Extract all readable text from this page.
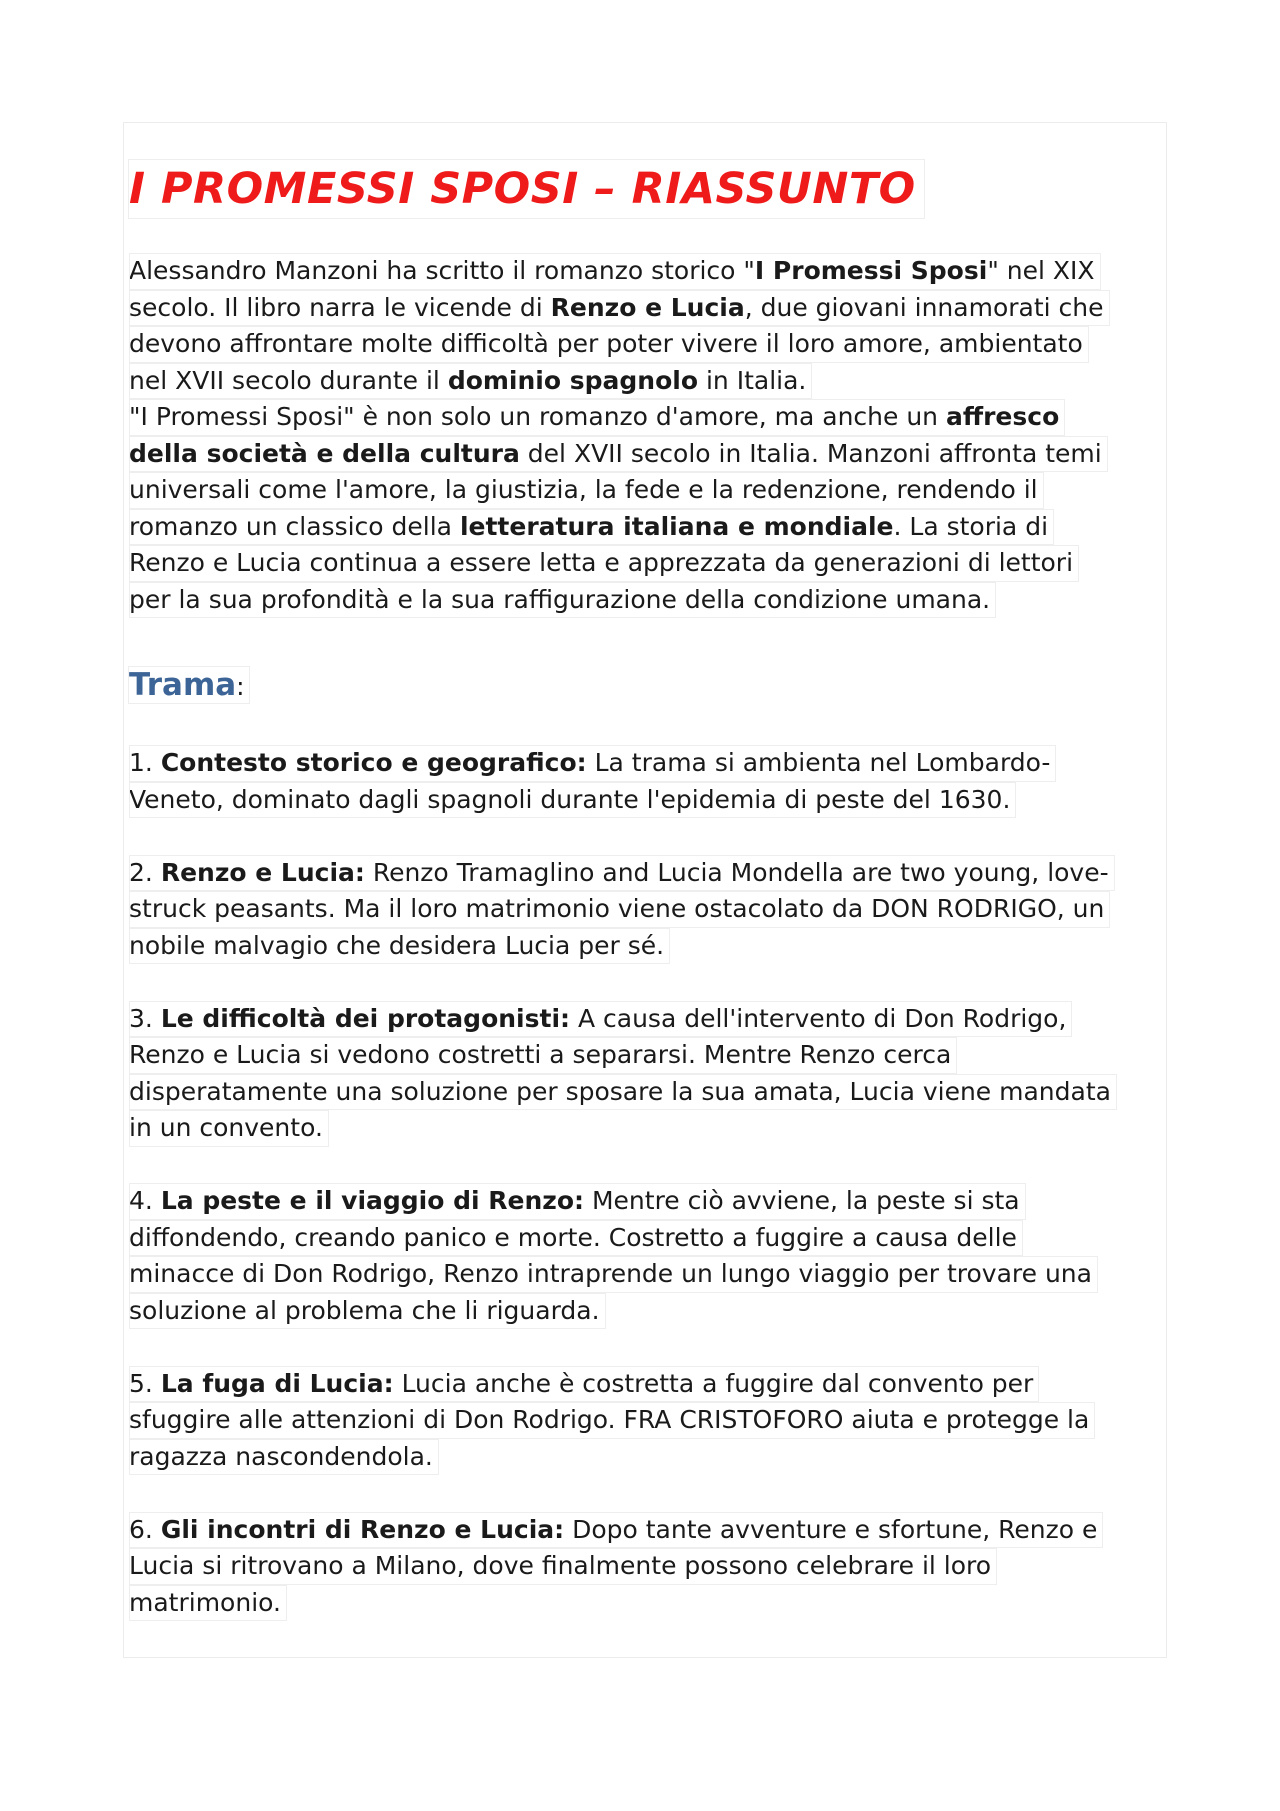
I PROMESSI SPOSI – RIASSUNTO

Alessandro Manzoni ha scritto il romanzo storico "I Promessi Sposi" nel XIX
secolo. Il libro narra le vicende di Renzo e Lucia, due giovani innamorati che
devono affrontare molte difficoltà per poter vivere il loro amore, ambientato
nel XVII secolo durante il dominio spagnolo in Italia.
"I Promessi Sposi" è non solo un romanzo d'amore, ma anche un affresco
della società e della cultura del XVII secolo in Italia. Manzoni affronta temi
universali come l'amore, la giustizia, la fede e la redenzione, rendendo il
romanzo un classico della letteratura italiana e mondiale. La storia di
Renzo e Lucia continua a essere letta e apprezzata da generazioni di lettori
per la sua profondità e la sua raffigurazione della condizione umana.

Trama:

1. Contesto storico e geografico: La trama si ambienta nel Lombardo-
Veneto, dominato dagli spagnoli durante l'epidemia di peste del 1630.

2. Renzo e Lucia: Renzo Tramaglino and Lucia Mondella are two young, love-
struck peasants. Ma il loro matrimonio viene ostacolato da DON RODRIGO, un
nobile malvagio che desidera Lucia per sé.

3. Le difficoltà dei protagonisti: A causa dell'intervento di Don Rodrigo,
Renzo e Lucia si vedono costretti a separarsi. Mentre Renzo cerca
disperatamente una soluzione per sposare la sua amata, Lucia viene mandata
in un convento.

4. La peste e il viaggio di Renzo: Mentre ciò avviene, la peste si sta
diffondendo, creando panico e morte. Costretto a fuggire a causa delle
minacce di Don Rodrigo, Renzo intraprende un lungo viaggio per trovare una
soluzione al problema che li riguarda.

5. La fuga di Lucia: Lucia anche è costretta a fuggire dal convento per
sfuggire alle attenzioni di Don Rodrigo. FRA CRISTOFORO aiuta e protegge la
ragazza nascondendola.

6. Gli incontri di Renzo e Lucia: Dopo tante avventure e sfortune, Renzo e
Lucia si ritrovano a Milano, dove finalmente possono celebrare il loro
matrimonio.
